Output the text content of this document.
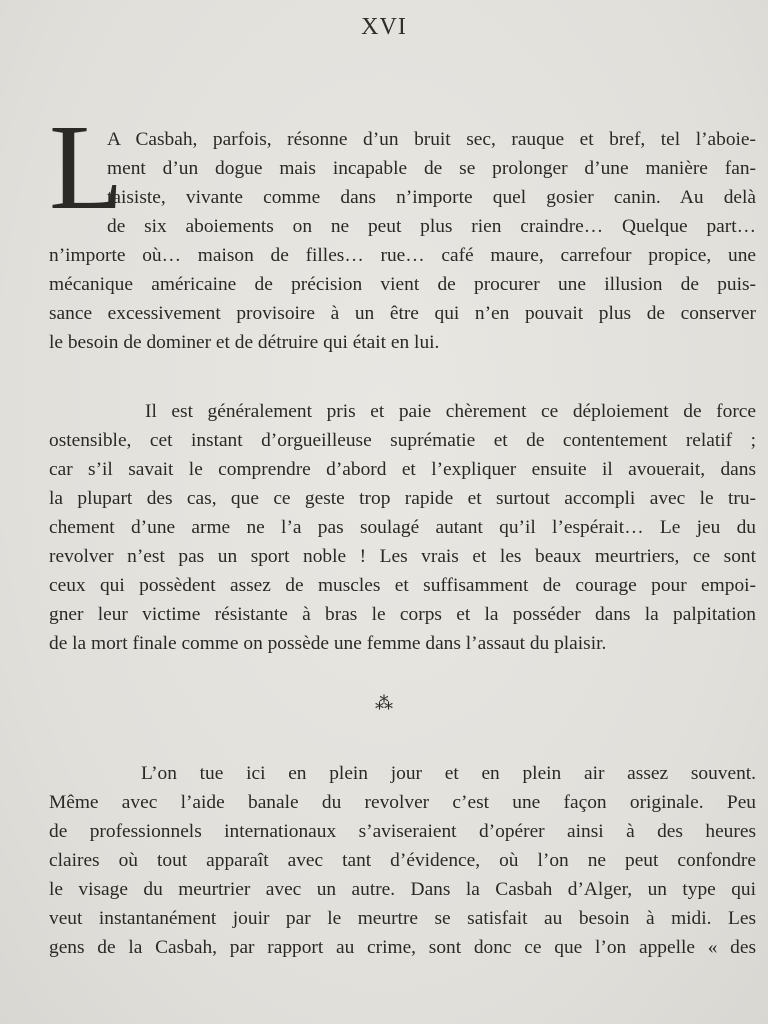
XVI
L
A Casbah, parfois, résonne d’un bruit sec, rauque et bref, tel l’aboie-
ment d’un dogue mais incapable de se prolonger d’une manière fan-
taisiste, vivante comme dans n’importe quel gosier canin. Au delà
de six aboiements on ne peut plus rien craindre… Quelque part…
n’importe où… maison de filles… rue… café maure, carrefour propice, une
mécanique américaine de précision vient de procurer une illusion de puis-
sance excessivement provisoire à un être qui n’en pouvait plus de conserver
le besoin de dominer et de détruire qui était en lui.
Il est généralement pris et paie chèrement ce déploiement de force
ostensible, cet instant d’orgueilleuse suprématie et de contentement relatif ;
car s’il savait le comprendre d’abord et l’expliquer ensuite il avouerait, dans
la plupart des cas, que ce geste trop rapide et surtout accompli avec le tru-
chement d’une arme ne l’a pas soulagé autant qu’il l’espérait… Le jeu du
revolver n’est pas un sport noble ! Les vrais et les beaux meurtriers, ce sont
ceux qui possèdent assez de muscles et suffisamment de courage pour empoi-
gner leur victime résistante à bras le corps et la posséder dans la palpitation
de la mort finale comme on possède une femme dans l’assaut du plaisir.
⁂
L’on tue ici en plein jour et en plein air assez souvent.
Même avec l’aide banale du revolver c’est une façon originale. Peu
de professionnels internationaux s’aviseraient d’opérer ainsi à des heures
claires où tout apparaît avec tant d’évidence, où l’on ne peut confondre
le visage du meurtrier avec un autre. Dans la Casbah d’Alger, un type qui
veut instantanément jouir par le meurtre se satisfait au besoin à midi. Les
gens de la Casbah, par rapport au crime, sont donc ce que l’on appelle « des
